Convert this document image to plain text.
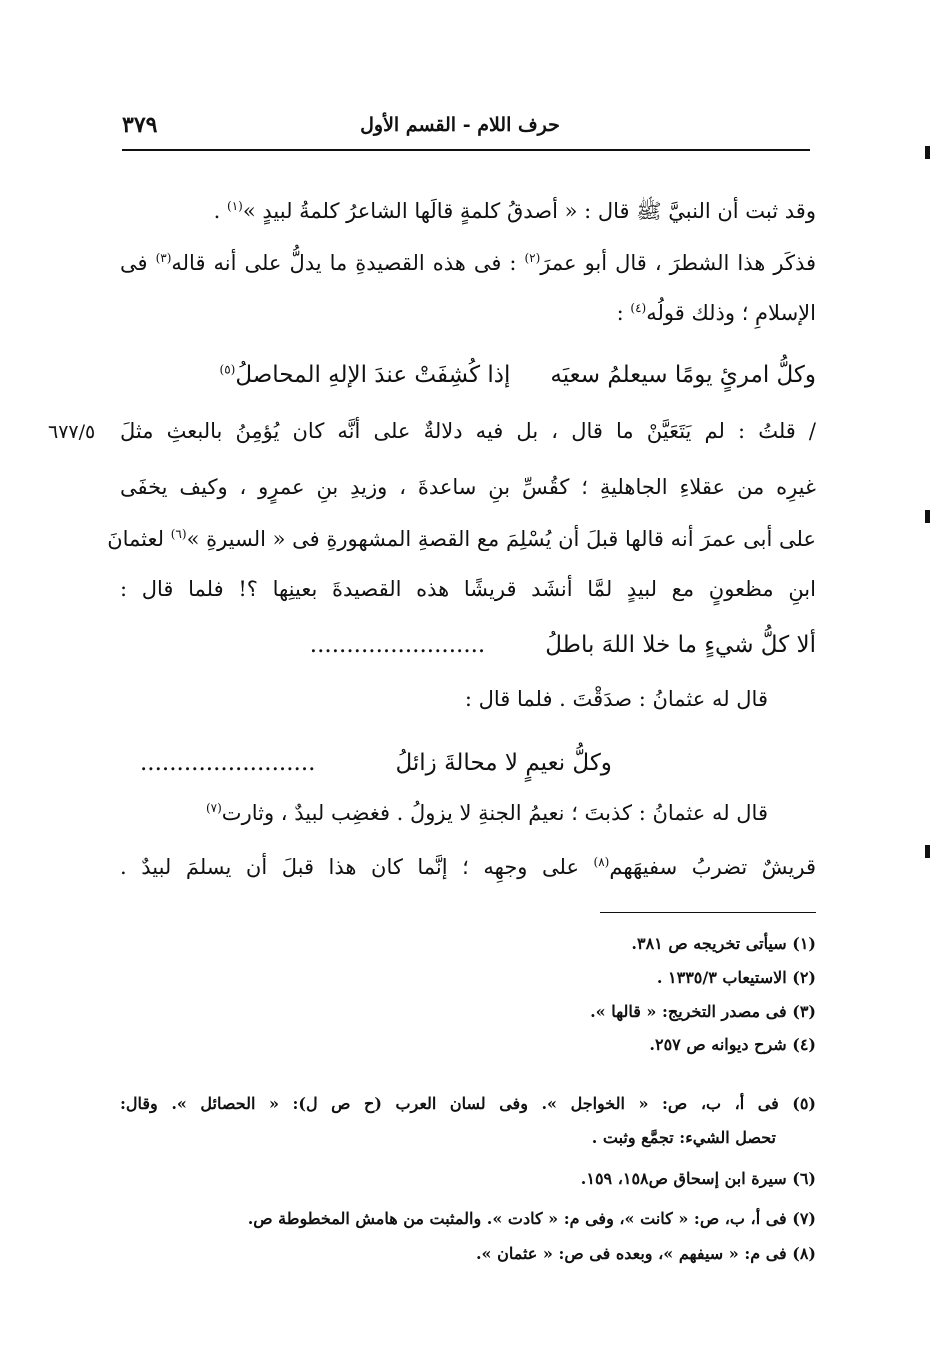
٣٧٩	حرف اللام - القسم الأول
وقد ثبت أن النبيَّ ﷺ قال : « أصدقُ كلمةٍ قالَها الشاعرُ كلمةُ لبيدٍ »$^{(١)}$ .
فذكَر هذا الشطرَ ، قال أبو عمرَ$^{(٢)}$ : فى هذه القصيدةِ ما يدلُّ على أنه قاله$^{(٣)}$ فى
الإسلامِ ؛ وذلك قولُه$^{(٤)}$ :
وكلُّ امرئٍ يومًا سيعلمُ سعيَهإذا كُشِفَتْ عندَ الإلهِ المحاصلُ$^{(٥)}$
/ قلتُ : لم يَتَعَيَّنْ ما قال ، بل فيه دلالةٌ على أنَّه كان يُؤمِنُ بالبعثِ مثلَ
٦٧٧/٥
غيرِه من عقلاءِ الجاهليةِ ؛ كقُسِّ بنِ ساعدةَ ، وزيدِ بنِ عمرٍو ، وكيف يخفَى
على أبى عمرَ أنه قالها قبلَ أن يُسْلِمَ مع القصةِ المشهورةِ فى « السيرةِ »$^{(٦)}$ لعثمانَ
ابنِ مظعونٍ مع لبيدٍ لمَّا أنشَد قريشًا هذه القصيدةَ بعينِها ؟! فلما قال :
ألا كلُّ شيءٍ ما خلا اللهَ باطلُ........................
قال له عثمانُ : صدَقْتَ . فلما قال :
وكلُّ نعيمٍ لا محالةَ زائلُ........................
قال له عثمانُ : كذبتَ ؛ نعيمُ الجنةِ لا يزولُ . فغضِب لبيدٌ ، وثارت$^{(٧)}$
قريشٌ تضربُ سفيهَهم$^{(٨)}$ على وجهِه ؛ إنَّما كان هذا قبلَ أن يسلمَ لبيدٌ .
(١) سيأتى تخريجه ص ٣٨١.
(٢) الاستيعاب ١٣٣٥/٣ .
(٣) فى مصدر التخريج: « قالها ».
(٤) شرح ديوانه ص ٢٥٧.
(٥) فى أ، ب، ص: « الخواجل ». وفى لسان العرب (ح ص ل): « الحصائل ». وقال:
تحصل الشيء: تجمَّع وثبت .
(٦) سيرة ابن إسحاق ص١٥٨، ١٥٩.
(٧) فى أ، ب، ص: « كانت »، وفى م: « كادت ». والمثبت من هامش المخطوطة ص.
(٨) فى م: « سيفهم »، وبعده فى ص: « عثمان ».
